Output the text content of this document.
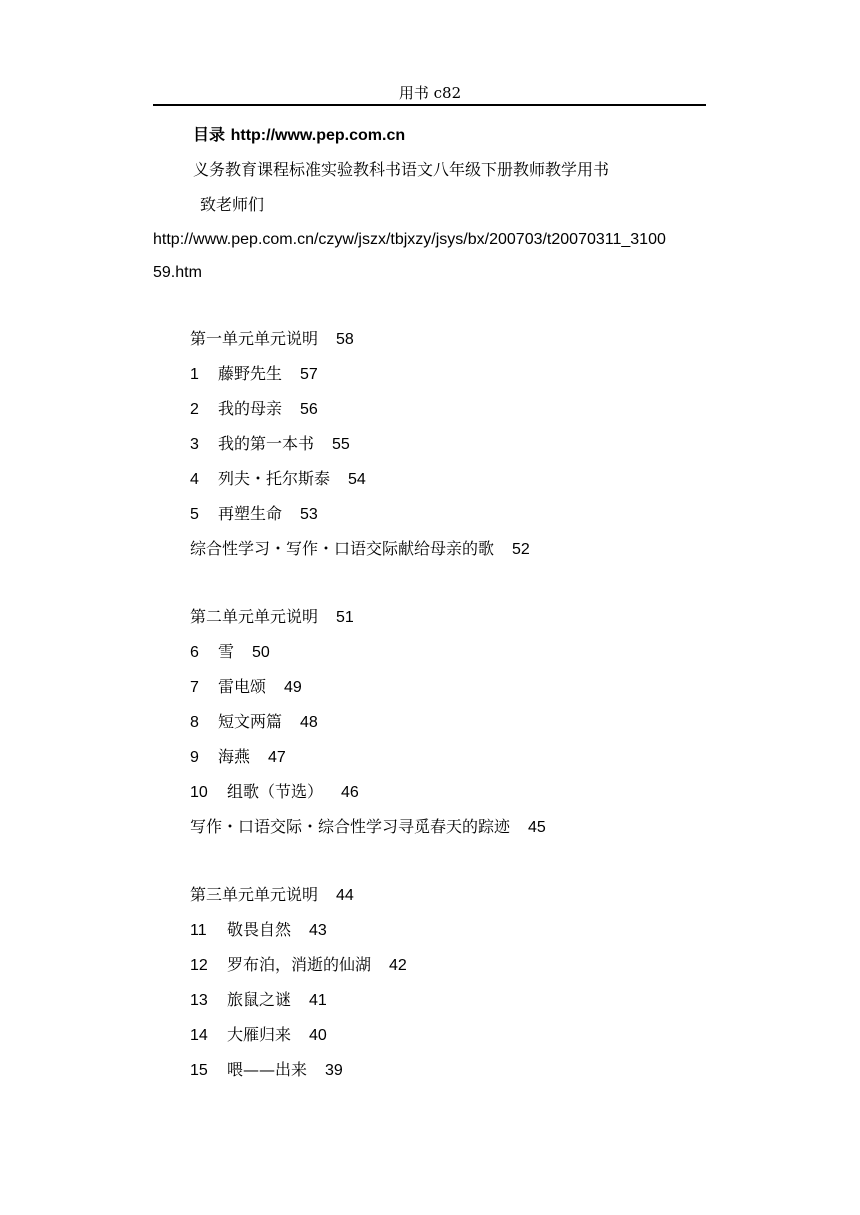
用书 c82
目录 http://www.pep.com.cn
义务教育课程标准实验教科书语文八年级下册教师教学用书
致老师们
http://www.pep.com.cn/czyw/jszx/tbjxzy/jsys/bx/200703/t20070311_3100
59.htm
第一单元单元说明 58
1 藤野先生 57
2 我的母亲 56
3 我的第一本书 55
4 列夫・托尔斯泰 54
5 再塑生命 53
综合性学习・写作・口语交际献给母亲的歌 52
第二单元单元说明 51
6 雪 50
7 雷电颂 49
8 短文两篇 48
9 海燕 47
10 组歌（节选） 46
写作・口语交际・综合性学习寻觅春天的踪迹 45
第三单元单元说明 44
11 敬畏自然 43
12 罗布泊，消逝的仙湖 42
13 旅鼠之谜 41
14 大雁归来 40
15 喂——出来 39
